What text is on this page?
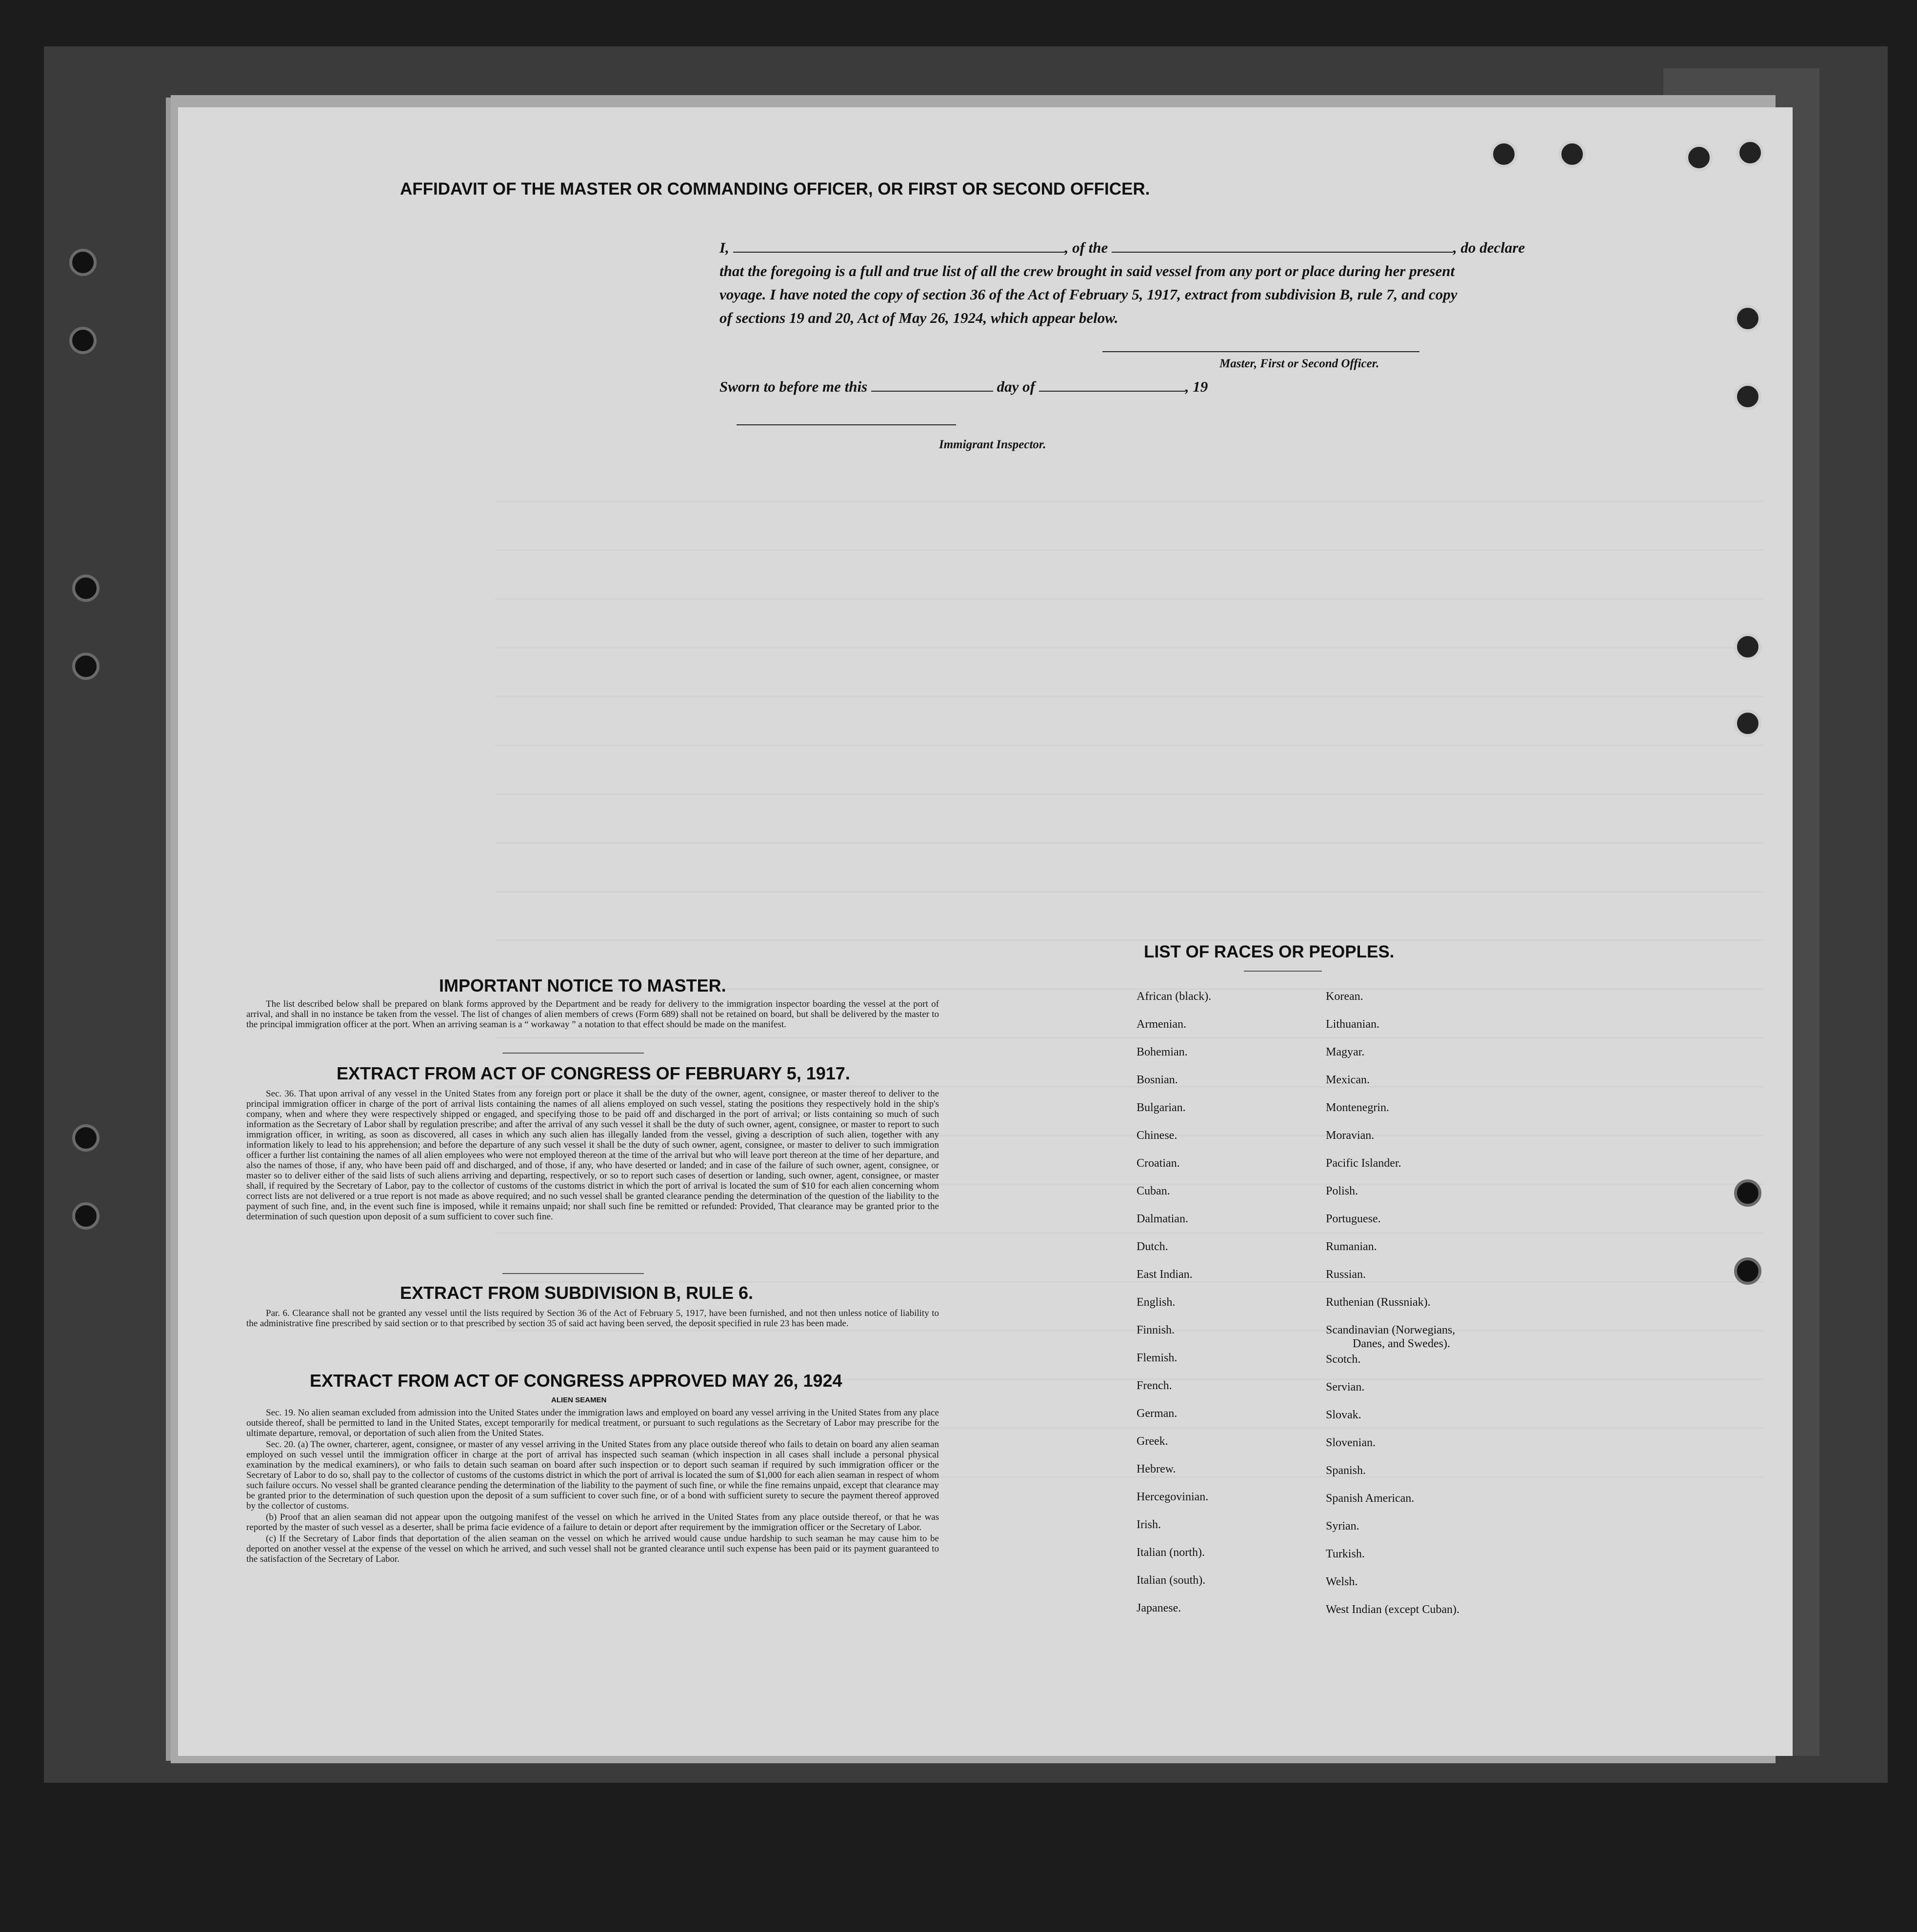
AFFIDAVIT OF THE MASTER OR COMMANDING OFFICER, OR FIRST OR SECOND OFFICER.
I,	, of the	, do declare
that the foregoing is a full and true list of all the crew brought in said vessel from any port or place during her present
voyage. I have noted the copy of section 36 of the Act of February 5, 1917, extract from subdivision B, rule 7, and copy
of sections 19 and 20, Act of May 26, 1924, which appear below.
Master, First or Second Officer.
Sworn to before me this	day of	, 19
Immigrant Inspector.
IMPORTANT NOTICE TO MASTER.

The list described below shall be prepared on blank forms approved by the Department and be ready for delivery to the immigration inspector boarding the vessel at the port of arrival, and shall in no instance be taken from the vessel. The list of changes of alien members of crews (Form 689) shall not be retained on board, but shall be delivered by the master to the principal immigration officer at the port. When an arriving seaman is a “ workaway ” a notation to that effect should be made on the manifest.

EXTRACT FROM ACT OF CONGRESS OF FEBRUARY 5, 1917.

Sec. 36. That upon arrival of any vessel in the United States from any foreign port or place it shall be the duty of the owner, agent, consignee, or master thereof to deliver to the principal immigration officer in charge of the port of arrival lists containing the names of all aliens employed on such vessel, stating the positions they respectively hold in the ship's company, when and where they were respectively shipped or engaged, and specifying those to be paid off and discharged in the port of arrival; or lists containing so much of such information as the Secretary of Labor shall by regulation prescribe; and after the arrival of any such vessel it shall be the duty of such owner, agent, consignee, or master to report to such immigration officer, in writing, as soon as discovered, all cases in which any such alien has illegally landed from the vessel, giving a description of such alien, together with any information likely to lead to his apprehension; and before the departure of any such vessel it shall be the duty of such owner, agent, consignee, or master to deliver to such immigration officer a further list containing the names of all alien employees who were not employed thereon at the time of the arrival but who will leave port thereon at the time of her departure, and also the names of those, if any, who have been paid off and discharged, and of those, if any, who have deserted or landed; and in case of the failure of such owner, agent, consignee, or master so to deliver either of the said lists of such aliens arriving and departing, respectively, or so to report such cases of desertion or landing, such owner, agent, consignee, or master shall, if required by the Secretary of Labor, pay to the collector of customs of the customs district in which the port of arrival is located the sum of $10 for each alien concerning whom correct lists are not delivered or a true report is not made as above required; and no such vessel shall be granted clearance pending the determination of the question of the liability to the payment of such fine, and, in the event such fine is imposed, while it remains unpaid; nor shall such fine be remitted or refunded: Provided, That clearance may be granted prior to the determination of such question upon deposit of a sum sufficient to cover such fine.

EXTRACT FROM SUBDIVISION B, RULE 6.

Par. 6. Clearance shall not be granted any vessel until the lists required by Section 36 of the Act of February 5, 1917, have been furnished, and not then unless notice of liability to the administrative fine prescribed by said section or to that prescribed by section 35 of said act having been served, the deposit specified in rule 23 has been made.

EXTRACT FROM ACT OF CONGRESS APPROVED MAY 26, 1924
ALIEN SEAMEN

Sec. 19. No alien seaman excluded from admission into the United States under the immigration laws and employed on board any vessel arriving in the United States from any place outside thereof, shall be permitted to land in the United States, except temporarily for medical treatment, or pursuant to such regulations as the Secretary of Labor may prescribe for the ultimate departure, removal, or deportation of such alien from the United States.

Sec. 20. (a) The owner, charterer, agent, consignee, or master of any vessel arriving in the United States from any place outside thereof who fails to detain on board any alien seaman employed on such vessel until the immigration officer in charge at the port of arrival has inspected such seaman (which inspection in all cases shall include a personal physical examination by the medical examiners), or who fails to detain such seaman on board after such inspection or to deport such seaman if required by such immigration officer or the Secretary of Labor to do so, shall pay to the collector of customs of the customs district in which the port of arrival is located the sum of $1,000 for each alien seaman in respect of whom such failure occurs. No vessel shall be granted clearance pending the determination of the liability to the payment of such fine, or while the fine remains unpaid, except that clearance may be granted prior to the determination of such question upon the deposit of a sum sufficient to cover such fine, or of a bond with sufficient surety to secure the payment thereof approved by the collector of customs.

(b) Proof that an alien seaman did not appear upon the outgoing manifest of the vessel on which he arrived in the United States from any place outside thereof, or that he was reported by the master of such vessel as a deserter, shall be prima facie evidence of a failure to detain or deport after requirement by the immigration officer or the Secretary of Labor.

(c) If the Secretary of Labor finds that deportation of the alien seaman on the vessel on which he arrived would cause undue hardship to such seaman he may cause him to be deported on another vessel at the expense of the vessel on which he arrived, and such vessel shall not be granted clearance until such expense has been paid or its payment guaranteed to the satisfaction of the Secretary of Labor.

LIST OF RACES OR PEOPLES.
African (black).
Armenian.
Bohemian.
Bosnian.
Bulgarian.
Chinese.
Croatian.
Cuban.
Dalmatian.
Dutch.
East Indian.
English.
Finnish.
Flemish.
French.
German.
Greek.
Hebrew.
Hercegovinian.
Irish.
Italian (north).
Italian (south).
Japanese.
Korean.
Lithuanian.
Magyar.
Mexican.
Montenegrin.
Moravian.
Pacific Islander.
Polish.
Portuguese.
Rumanian.
Russian.
Ruthenian (Russniak).
Scandinavian (Norwegians,
Danes, and Swedes).
Scotch.
Servian.
Slovak.
Slovenian.
Spanish.
Spanish American.
Syrian.
Turkish.
Welsh.
West Indian (except Cuban).
